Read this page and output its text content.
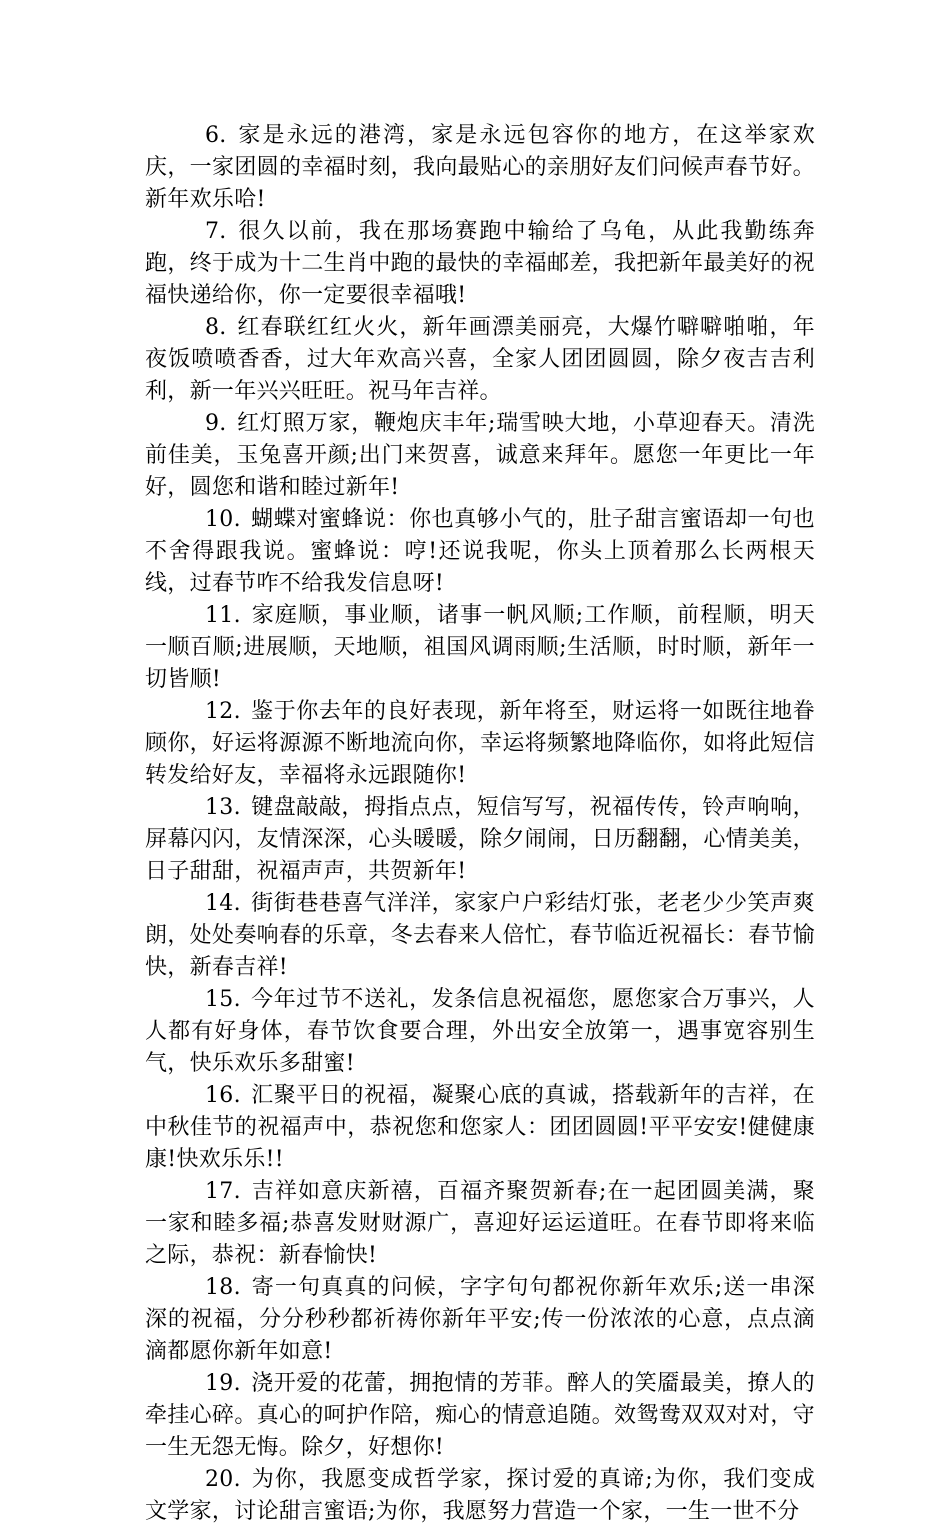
6. 家是永远的港湾，家是永远包容你的地方，在这举家欢庆，一家团圆的幸福时刻，我向最贴心的亲朋好友们问候声春节好。新年欢乐哈!

7. 很久以前，我在那场赛跑中输给了乌龟，从此我勤练奔跑，终于成为十二生肖中跑的最快的幸福邮差，我把新年最美好的祝福快递给你，你一定要很幸福哦!

8. 红春联红红火火，新年画漂美丽亮，大爆竹噼噼啪啪，年夜饭喷喷香香，过大年欢高兴喜，全家人团团圆圆，除夕夜吉吉利利，新一年兴兴旺旺。祝马年吉祥。

9. 红灯照万家，鞭炮庆丰年;瑞雪映大地，小草迎春天。清洗前佳美，玉兔喜开颜;出门来贺喜，诚意来拜年。愿您一年更比一年好，圆您和谐和睦过新年!

10. 蝴蝶对蜜蜂说：你也真够小气的，肚子甜言蜜语却一句也不舍得跟我说。蜜蜂说：哼!还说我呢，你头上顶着那么长两根天线，过春节咋不给我发信息呀!

11. 家庭顺，事业顺，诸事一帆风顺;工作顺，前程顺，明天一顺百顺;进展顺，天地顺，祖国风调雨顺;生活顺，时时顺，新年一切皆顺!

12. 鉴于你去年的良好表现，新年将至，财运将一如既往地眷顾你，好运将源源不断地流向你，幸运将频繁地降临你，如将此短信转发给好友，幸福将永远跟随你!

13. 键盘敲敲，拇指点点，短信写写，祝福传传，铃声响响，屏幕闪闪，友情深深，心头暖暖，除夕闹闹，日历翻翻，心情美美，日子甜甜，祝福声声，共贺新年!

14. 街街巷巷喜气洋洋，家家户户彩结灯张，老老少少笑声爽朗，处处奏响春的乐章，冬去春来人倍忙，春节临近祝福长：春节愉快，新春吉祥!

15. 今年过节不送礼，发条信息祝福您，愿您家合万事兴，人人都有好身体，春节饮食要合理，外出安全放第一，遇事宽容别生气，快乐欢乐多甜蜜!

16. 汇聚平日的祝福，凝聚心底的真诚，搭载新年的吉祥，在中秋佳节的祝福声中，恭祝您和您家人：团团圆圆!平平安安!健健康康!快欢乐乐!!

17. 吉祥如意庆新禧，百福齐聚贺新春;在一起团圆美满，聚一家和睦多福;恭喜发财财源广，喜迎好运运道旺。在春节即将来临之际，恭祝：新春愉快!

18. 寄一句真真的问候，字字句句都祝你新年欢乐;送一串深深的祝福，分分秒秒都祈祷你新年平安;传一份浓浓的心意，点点滴滴都愿你新年如意!

19. 浇开爱的花蕾，拥抱情的芳菲。醉人的笑靥最美，撩人的牵挂心碎。真心的呵护作陪，痴心的情意追随。效鸳鸯双双对对，守一生无怨无悔。除夕，好想你!

20. 为你，我愿变成哲学家，探讨爱的真谛;为你，我们变成文学家，讨论甜言蜜语;为你，我愿努力营造一个家，一生一世不分
